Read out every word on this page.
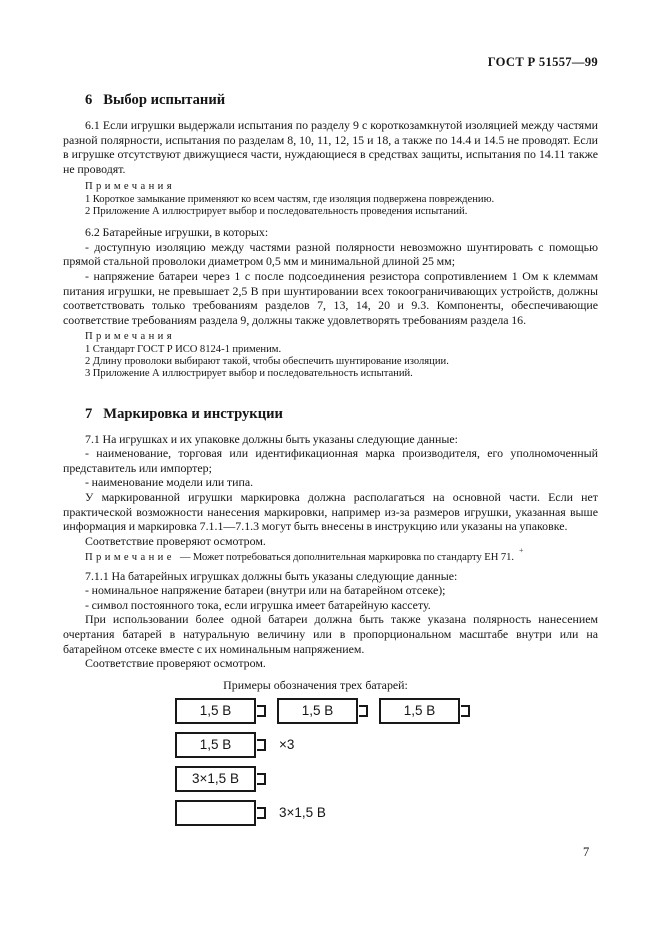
ГОСТ Р 51557—99
6 Выбор испытаний

6.1 Если игрушки выдержали испытания по разделу 9 с короткозамкнутой изоляцией между частями разной полярности, испытания по разделам 8, 10, 11, 12, 15 и 18, а также по 14.4 и 14.5 не проводят. Если в игрушке отсутствуют движущиеся части, нуждающиеся в средствах защиты, испытания по 14.11 также не проводят.

Примечания
1 Короткое замыкание применяют ко всем частям, где изоляция подвержена повреждению.
2 Приложение А иллюстрирует выбор и последовательность проведения испытаний.

6.2 Батарейные игрушки, в которых:

- доступную изоляцию между частями разной полярности невозможно шунтировать с помощью прямой стальной проволоки диаметром 0,5 мм и минимальной длиной 25 мм;

- напряжение батареи через 1 с после подсоединения резистора сопротивлением 1 Ом к клеммам питания игрушки, не превышает 2,5 В при шунтировании всех токоограничивающих устройств, должны соответствовать только требованиям разделов 7, 13, 14, 20 и 9.3. Компоненты, обеспечивающие соответствие требованиям раздела 9, должны также удовлетворять требованиям раздела 16.

Примечания
1 Стандарт ГОСТ Р ИСО 8124-1 применим.
2 Длину проволоки выбирают такой, чтобы обеспечить шунтирование изоляции.
3 Приложение А иллюстрирует выбор и последовательность испытаний.
7 Маркировка и инструкции

7.1 На игрушках и их упаковке должны быть указаны следующие данные:

- наименование, торговая или идентификационная марка производителя, его уполномоченный представитель или импортер;

- наименование модели или типа.

У маркированной игрушки маркировка должна располагаться на основной части. Если нет практической возможности нанесения маркировки, например из-за размеров игрушки, указанная выше информация и маркировка 7.1.1—7.1.3 могут быть внесены в инструкцию или указаны на упаковке.

Соответствие проверяют осмотром.

Примечание — Может потребоваться дополнительная маркировка по стандарту ЕН 71.

7.1.1 На батарейных игрушках должны быть указаны следующие данные:

- номинальное напряжение батареи (внутри или на батарейном отсеке);

- символ постоянного тока, если игрушка имеет батарейную кассету.

При использовании более одной батареи должна быть также указана полярность нанесением очертания батарей в натуральную величину или в пропорциональном масштабе внутри или на батарейном отсеке вместе с их номинальным напряжением.

Соответствие проверяют осмотром.

Примеры обозначения трех батарей:

1,5 В	1,5 В	1,5 В
1,5 В	×3
3×1,5 В
3×1,5 В
+
7
